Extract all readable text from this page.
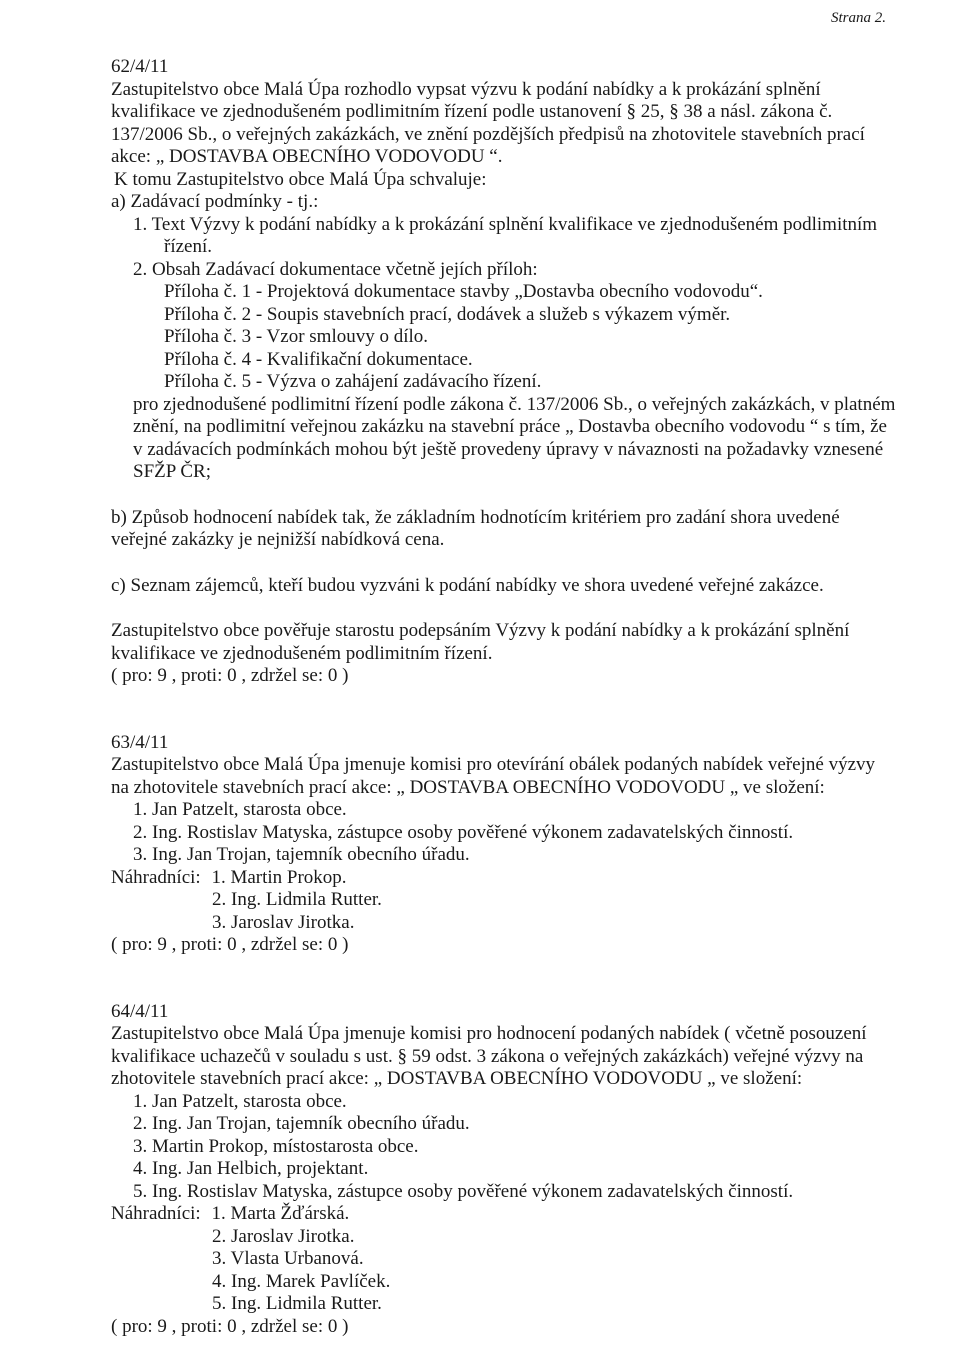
Strana 2.

62/4/11

Zastupitelstvo obce Malá Úpa rozhodlo vypsat výzvu k podání nabídky a k prokázání splnění

kvalifikace ve zjednodušeném podlimitním řízení podle ustanovení § 25, § 38 a násl. zákona č.

137/2006 Sb., o veřejných zakázkách, ve znění pozdějších předpisů na zhotovitele stavebních prací

akce: „ DOSTAVBA OBECNÍHO VODOVODU “.

K tomu Zastupitelstvo obce Malá Úpa schvaluje:

a) Zadávací podmínky - tj.:

1. Text Výzvy k podání nabídky a k prokázání splnění kvalifikace ve zjednodušeném podlimitním

řízení.

2. Obsah Zadávací dokumentace včetně jejích příloh:

Příloha č. 1 - Projektová dokumentace stavby „Dostavba obecního vodovodu“.

Příloha č. 2 - Soupis stavebních prací, dodávek a služeb s výkazem výměr.

Příloha č. 3 - Vzor smlouvy o dílo.

Příloha č. 4 - Kvalifikační dokumentace.

Příloha č. 5 - Výzva o zahájení zadávacího řízení.

pro zjednodušené podlimitní řízení podle zákona č. 137/2006 Sb., o veřejných zakázkách, v platném

znění, na podlimitní veřejnou zakázku na stavební práce „ Dostavba obecního vodovodu “ s tím, že

v zadávacích podmínkách mohou být ještě provedeny úpravy v návaznosti na požadavky vznesené

SFŽP ČR;

b) Způsob hodnocení nabídek tak, že základním hodnotícím kritériem pro zadání shora uvedené

veřejné zakázky je nejnižší nabídková cena.

c) Seznam zájemců, kteří budou vyzváni k podání nabídky ve shora uvedené veřejné zakázce.

Zastupitelstvo obce pověřuje starostu podepsáním Výzvy k podání nabídky a k prokázání splnění

kvalifikace ve zjednodušeném podlimitním řízení.

( pro: 9 , proti: 0 , zdržel se: 0 )

63/4/11

Zastupitelstvo obce Malá Úpa jmenuje komisi pro otevírání obálek podaných nabídek veřejné výzvy

na zhotovitele stavebních prací akce: „ DOSTAVBA OBECNÍHO VODOVODU „ ve složení:

1. Jan Patzelt, starosta obce.

2. Ing. Rostislav Matyska, zástupce osoby pověřené výkonem zadavatelských činností.

3. Ing. Jan Trojan, tajemník obecního úřadu.

Náhradníci: 1. Martin Prokop.

2. Ing. Lidmila Rutter.

3. Jaroslav Jirotka.

( pro: 9 , proti: 0 , zdržel se: 0 )

64/4/11

Zastupitelstvo obce Malá Úpa jmenuje komisi pro hodnocení podaných nabídek ( včetně posouzení

kvalifikace uchazečů v souladu s ust. § 59 odst. 3 zákona o veřejných zakázkách) veřejné výzvy na

zhotovitele stavebních prací akce: „ DOSTAVBA OBECNÍHO VODOVODU „ ve složení:

1. Jan Patzelt, starosta obce.

2. Ing. Jan Trojan, tajemník obecního úřadu.

3. Martin Prokop, místostarosta obce.

4. Ing. Jan Helbich, projektant.

5. Ing. Rostislav Matyska, zástupce osoby pověřené výkonem zadavatelských činností.

Náhradníci: 1. Marta Žďárská.

2. Jaroslav Jirotka.

3. Vlasta Urbanová.

4. Ing. Marek Pavlíček.

5. Ing. Lidmila Rutter.

( pro: 9 , proti: 0 , zdržel se: 0 )
